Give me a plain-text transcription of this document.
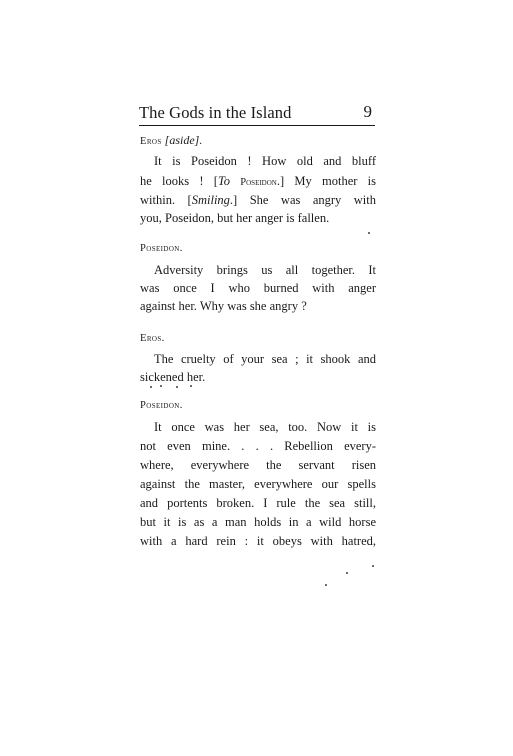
The Gods in the Island	9
Eros [aside].
It is Poseidon ! How old and bluff
he looks ! [To Poseidon.] My mother is
within. [Smiling.] She was angry with
you, Poseidon, but her anger is fallen.
Poseidon.
Adversity brings us all together. It
was once I who burned with anger
against her. Why was she angry ?
Eros.
The cruelty of your sea ; it shook and
sickened her.
Poseidon.
It once was her sea, too. Now it is
not even mine. . . . Rebellion every-
where, everywhere the servant risen
against the master, everywhere our spells
and portents broken. I rule the sea still,
but it is as a man holds in a wild horse
with a hard rein : it obeys with hatred,
